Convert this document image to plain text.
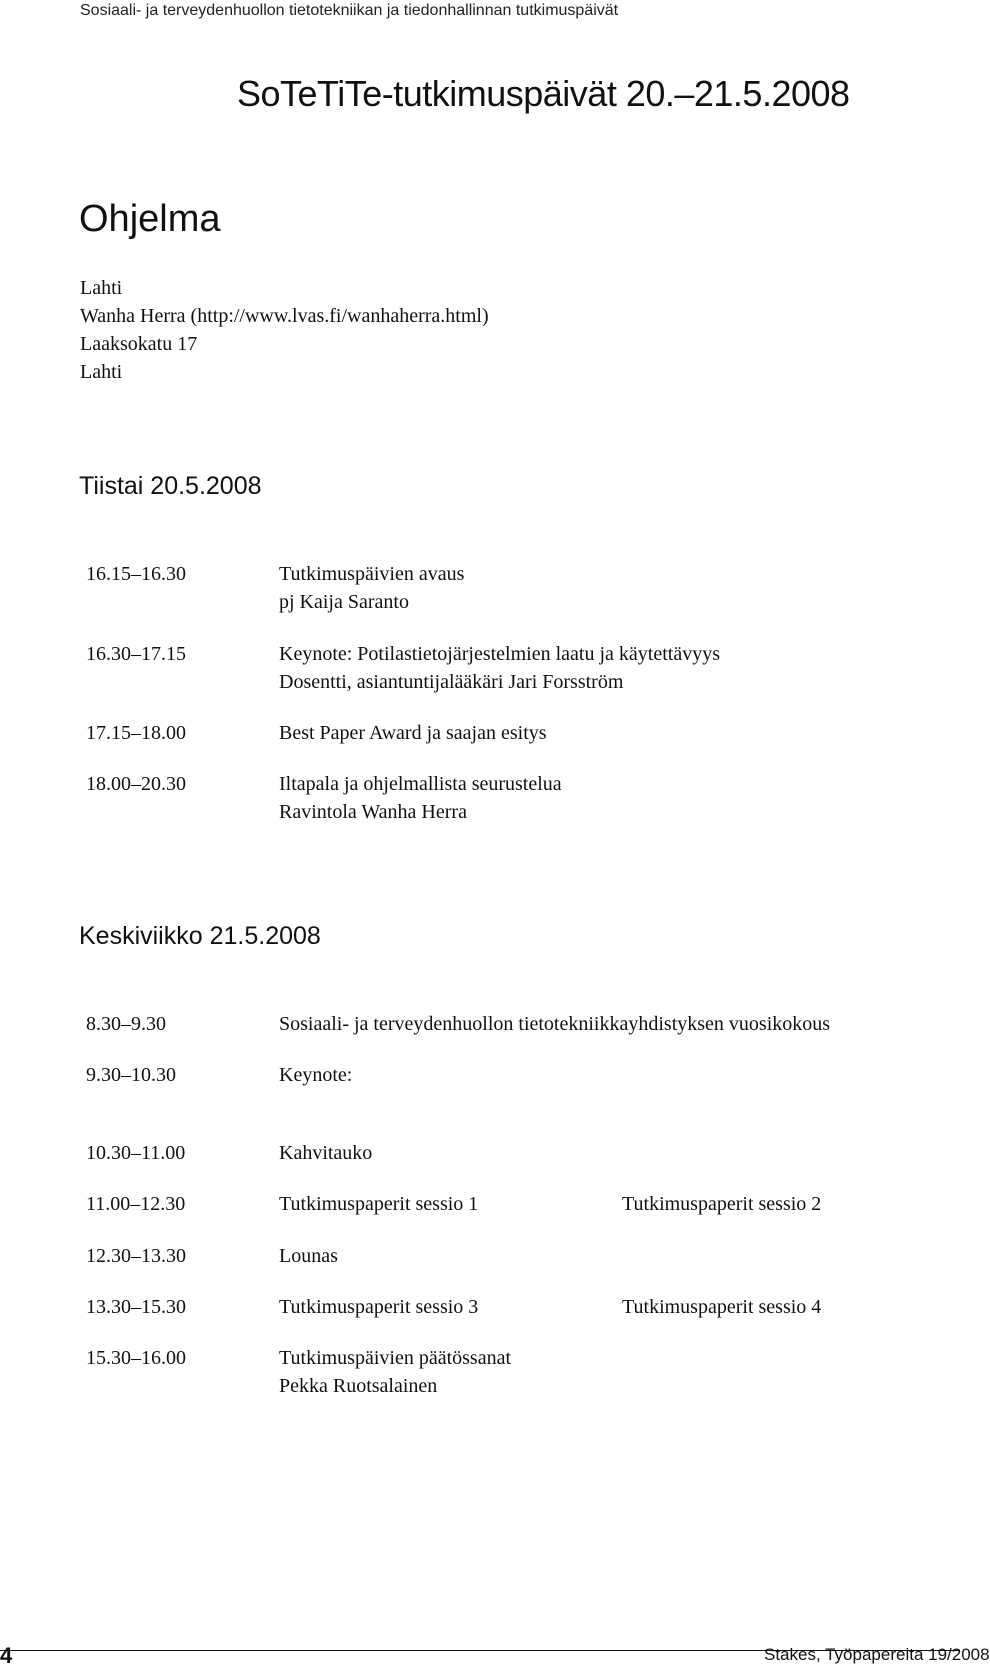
Sosiaali- ja terveydenhuollon tietotekniikan ja tiedonhallinnan tutkimuspäivät
SoTeTiTe-tutkimuspäivät 20.–21.5.2008
Ohjelma
Lahti
Wanha Herra (http://www.lvas.fi/wanhaherra.html)
Laaksokatu 17
Lahti
Tiistai 20.5.2008
16.15–16.30	Tutkimuspäivien avaus
pj Kaija Saranto
16.30–17.15	Keynote: Potilastietojärjestelmien laatu ja käytettävyys
Dosentti, asiantuntijalääkäri Jari Forsström
17.15–18.00	Best Paper Award ja saajan esitys
18.00–20.30	Iltapala ja ohjelmallista seurustelua
Ravintola Wanha Herra
Keskiviikko 21.5.2008
8.30–9.30	Sosiaali- ja terveydenhuollon tietotekniikkayhdistyksen vuosikokous
9.30–10.30	Keynote:
10.30–11.00	Kahvitauko
11.00–12.30	Tutkimuspaperit sessio 1	Tutkimuspaperit sessio 2
12.30–13.30	Lounas
13.30–15.30	Tutkimuspaperit sessio 3	Tutkimuspaperit sessio 4
15.30–16.00	Tutkimuspäivien päätössanat
Pekka Ruotsalainen
4	Stakes, Työpapereita 19/2008
